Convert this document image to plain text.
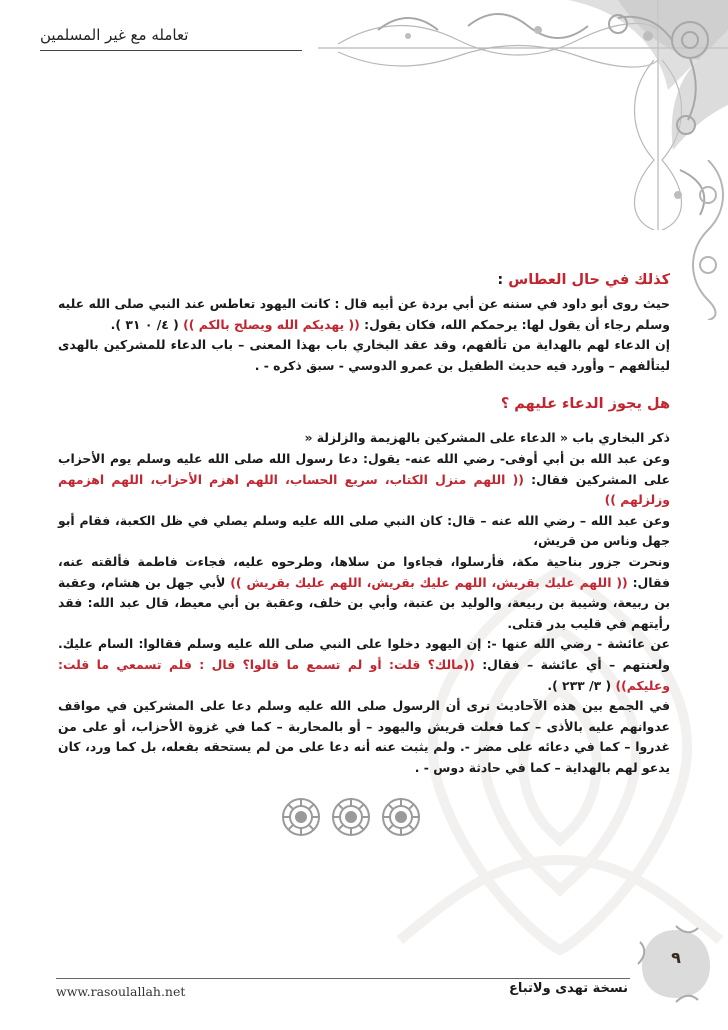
تعامله مع غير المسلمين
كذلك في حال العطاس :

حيث روى أبو داود في سننه عن أبي بردة عن أبيه قال : كانت اليهود تعاطس عند النبي صلى الله عليه وسلم رجاء أن يقول لها: يرحمكم الله، فكان يقول: (( يهديكم الله ويصلح بالكم )) ( ٤/ ٠ ٣١ ).

إن الدعاء لهم بالهداية من تألفهم، وقد عقد البخاري باب بهذا المعنى – باب الدعاء للمشركين بالهدى ليتألفهم – وأورد فيه حديث الطفيل بن عمرو الدوسي - سبق ذكره - .

هل يجوز الدعاء عليهم ؟

ذكر البخاري باب « الدعاء على المشركين بالهزيمة والزلزلة «

وعن عبد الله بن أبي أوفى- رضي الله عنه- يقول: دعا رسول الله صلى الله عليه وسلم يوم الأحزاب على المشركين فقال: (( اللهم منزل الكتاب، سريع الحساب، اللهم اهزم الأحزاب، اللهم اهزمهم وزلزلهم ))

وعن عبد الله – رضي الله عنه – قال: كان النبي صلى الله عليه وسلم يصلي في ظل الكعبة، فقام أبو جهل وناس من قريش،

ونحرت جزور بناحية مكة، فأرسلوا، فجاءوا من سلاها، وطرحوه عليه، فجاءت فاطمة فألقته عنه، فقال: (( اللهم عليك بقريش، اللهم عليك بقريش، اللهم عليك بقريش )) لأبي جهل بن هشام، وعقبة بن ربيعة، وشيبة بن ربيعة، والوليد بن عتبة، وأبي بن خلف، وعقبة بن أبي معيط، قال عبد الله: فقد رأيتهم في قليب بدر قتلى.

عن عائشة - رضي الله عنها -: إن اليهود دخلوا على النبي صلى الله عليه وسلم فقالوا: السام عليك. ولعنتهم – أي عائشة – فقال: ((مالك؟ قلت: أو لم تسمع ما قالوا؟ قال : فلم تسمعي ما قلت: وعليكم)) ( ٣/ ٢٣٣ ).

في الجمع بين هذه الآحاديث نرى أن الرسول صلى الله عليه وسلم دعا على المشركين في مواقف عدوانهم عليه بالأذى – كما فعلت قريش واليهود – أو بالمحاربة – كما في غزوة الأحزاب، أو على من غدروا – كما في دعائه على مضر -. ولم يثبت عنه أنه دعا على من لم يستحقه بفعله، بل كما ورد، كان يدعو لهم بالهداية – كما في حادثة دوس - .

٩
www.rasoulallah.net	نسخة تهدى ولاتباع
